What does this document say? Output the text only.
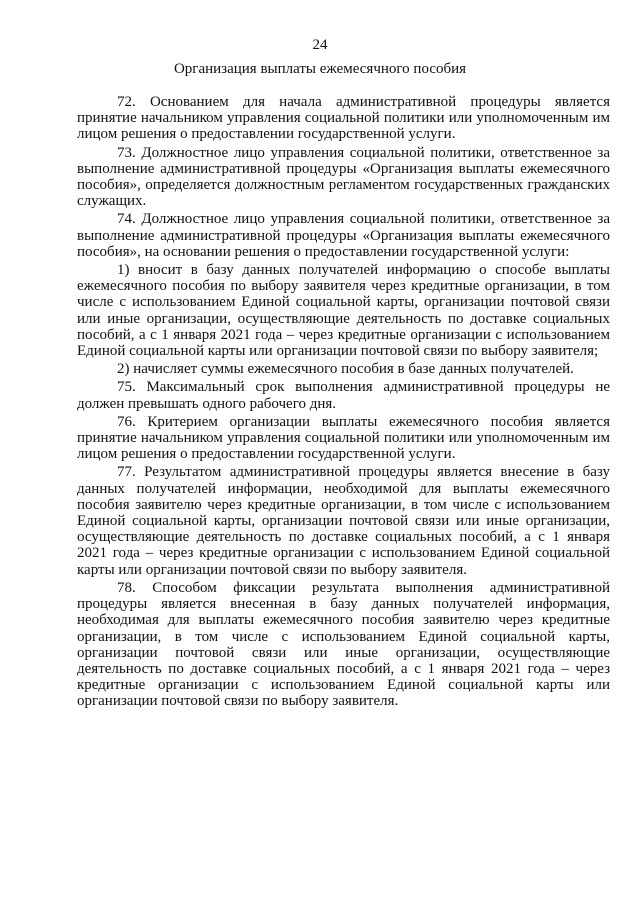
24
Организация выплаты ежемесячного пособия

72. Основанием для начала административной процедуры является принятие начальником управления социальной политики или уполномоченным им лицом решения о предоставлении государственной услуги.

73. Должностное лицо управления социальной политики, ответственное за выполнение административной процедуры «Организация выплаты ежемесячного пособия», определяется должностным регламентом государственных гражданских служащих.

74. Должностное лицо управления социальной политики, ответственное за выполнение административной процедуры «Организация выплаты ежемесячного пособия», на основании решения о предоставлении государственной услуги:

1) вносит в базу данных получателей информацию о способе выплаты ежемесячного пособия по выбору заявителя через кредитные организации, в том числе с использованием Единой социальной карты, организации почтовой связи или иные организации, осуществляющие деятельность по доставке социальных пособий, а с 1 января 2021 года – через кредитные организации с использованием Единой социальной карты или организации почтовой связи по выбору заявителя;

2) начисляет суммы ежемесячного пособия в базе данных получателей.

75. Максимальный срок выполнения административной процедуры не должен превышать одного рабочего дня.

76. Критерием организации выплаты ежемесячного пособия является принятие начальником управления социальной политики или уполномоченным им лицом решения о предоставлении государственной услуги.

77. Результатом административной процедуры является внесение в базу данных получателей информации, необходимой для выплаты ежемесячного пособия заявителю через кредитные организации, в том числе с использованием Единой социальной карты, организации почтовой связи или иные организации, осуществляющие деятельность по доставке социальных пособий, а с 1 января 2021 года – через кредитные организации с использованием Единой социальной карты или организации почтовой связи по выбору заявителя.

78. Способом фиксации результата выполнения административной процедуры является внесенная в базу данных получателей информация, необходимая для выплаты ежемесячного пособия заявителю через кредитные организации, в том числе с использованием Единой социальной карты, организации почтовой связи или иные организации, осуществляющие деятельность по доставке социальных пособий, а с 1 января 2021 года – через кредитные организации с использованием Единой социальной карты или организации почтовой связи по выбору заявителя.
